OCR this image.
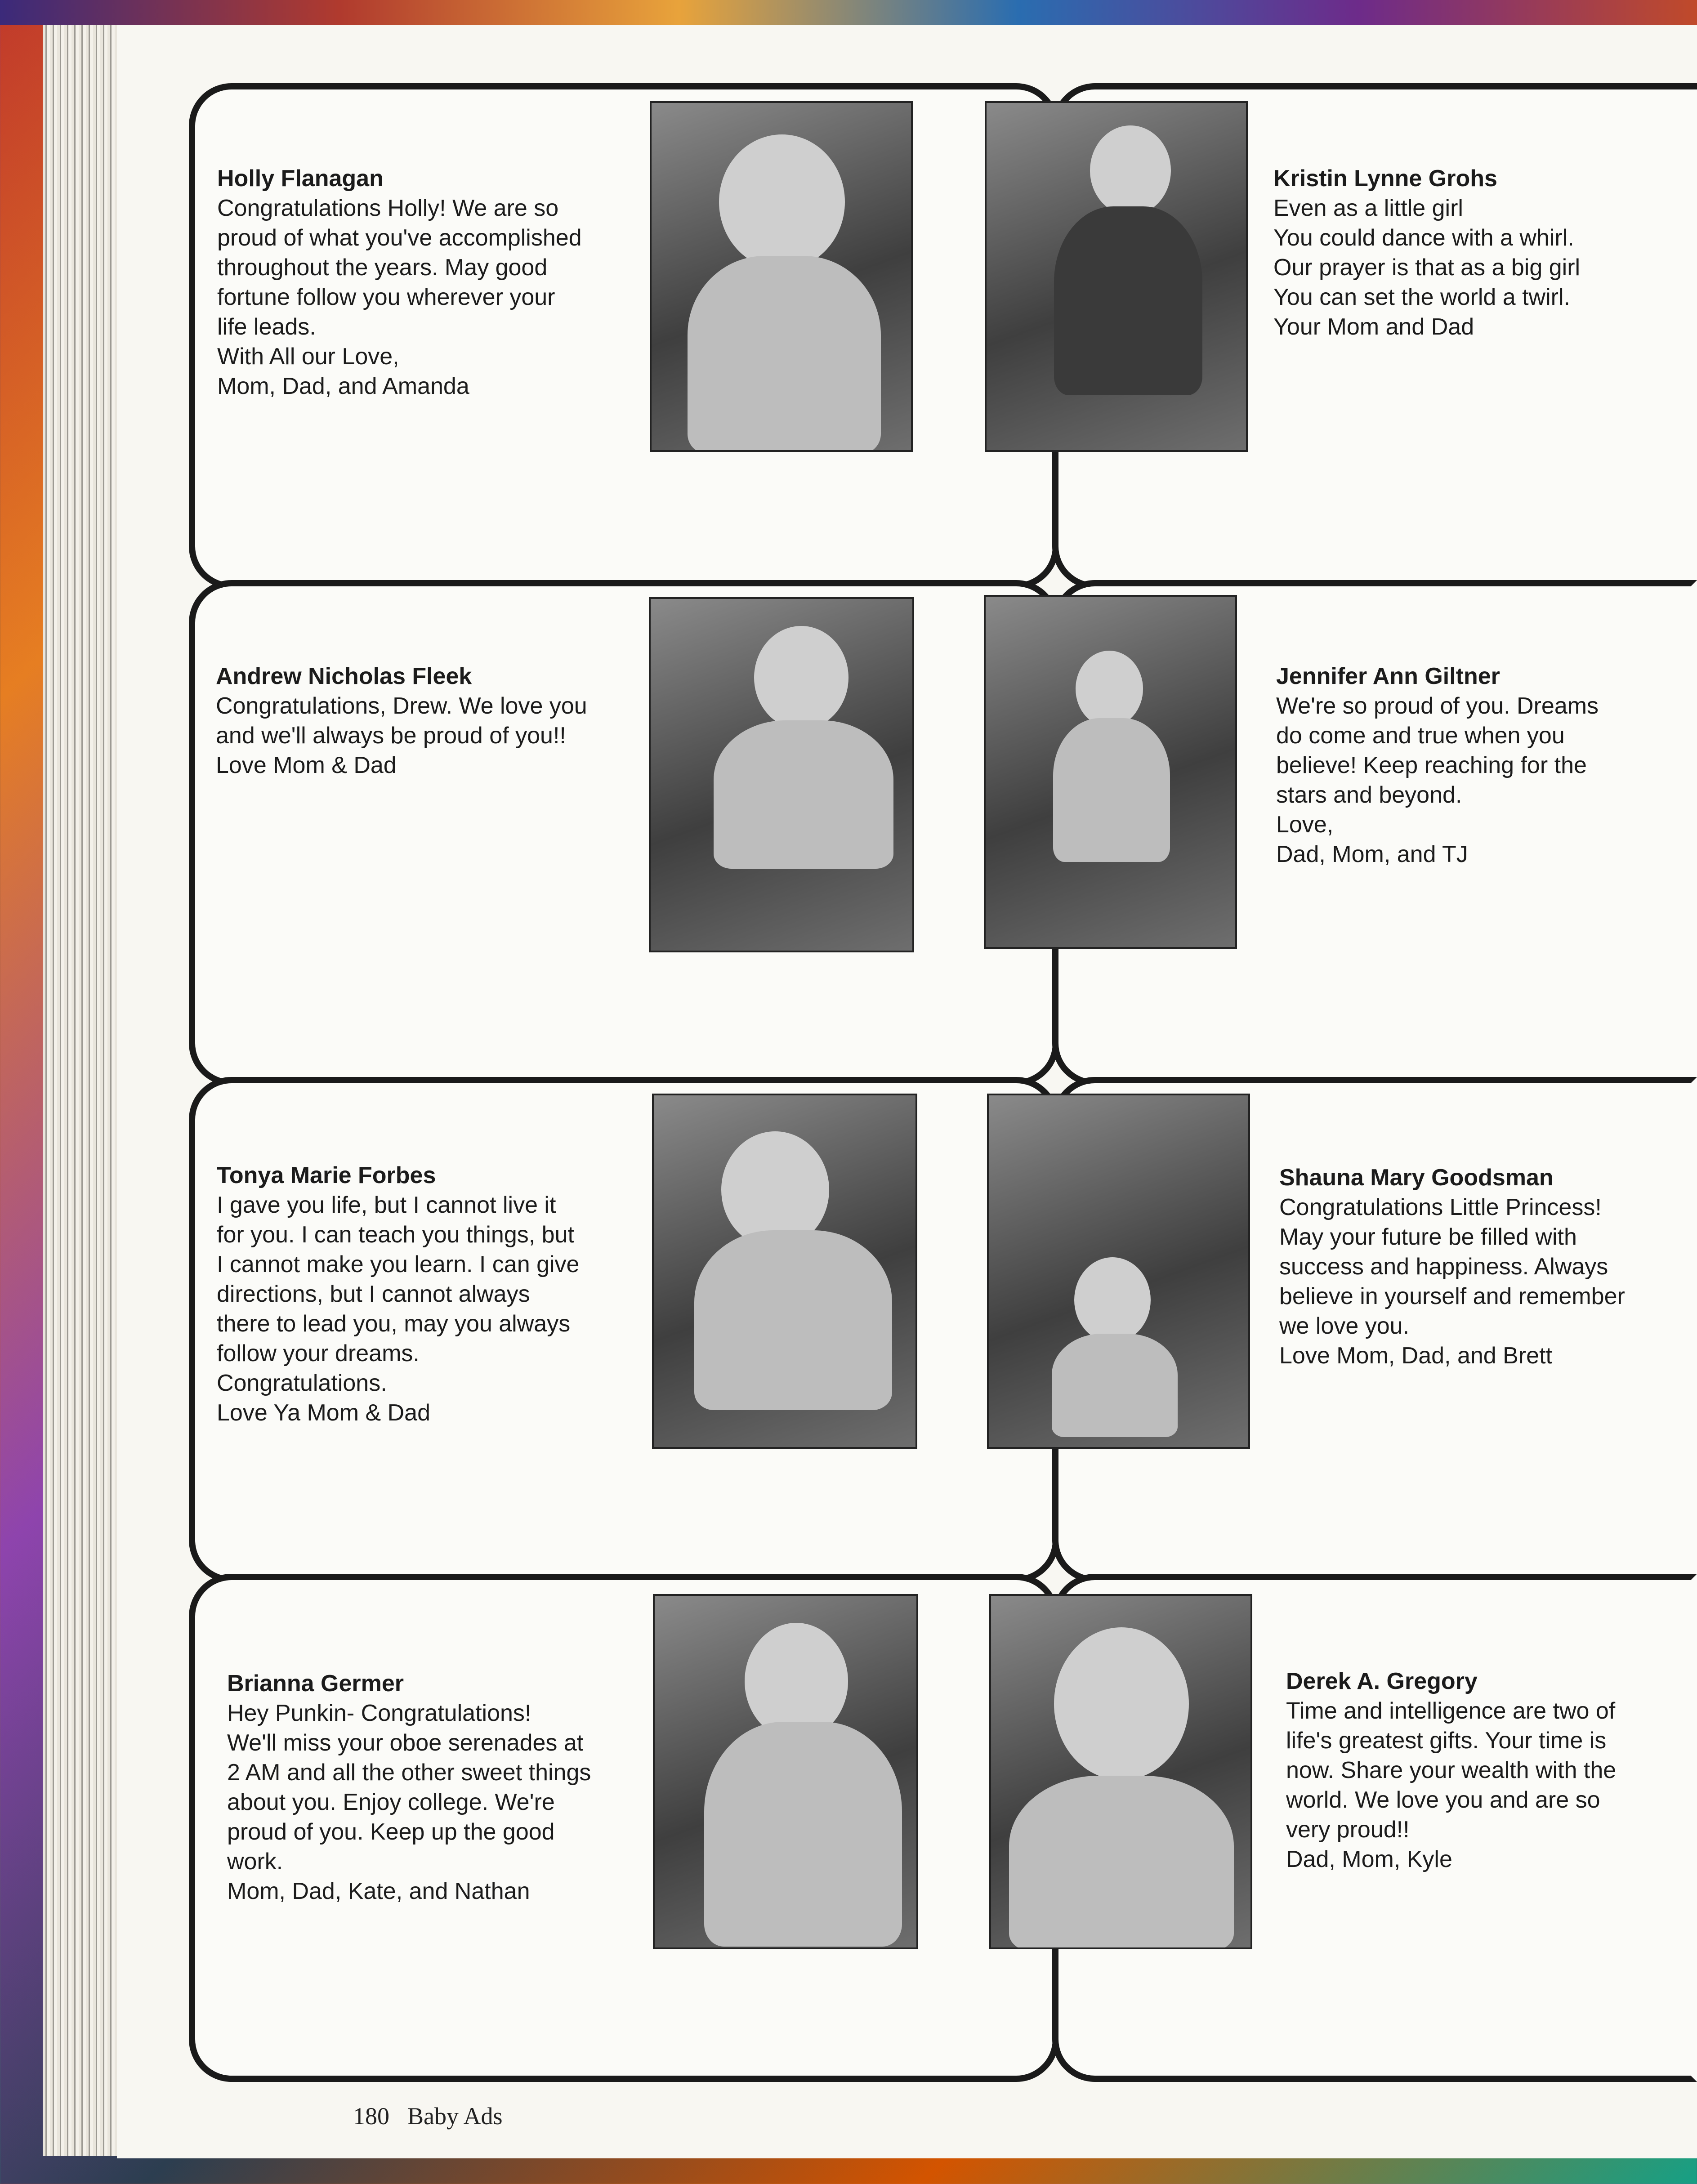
Holly Flanagan
Congratulations Holly! We are so
proud of what you've accomplished
throughout the years. May good
fortune follow you wherever your
life leads.
With All our Love,
Mom, Dad, and Amanda

Kristin Lynne Grohs
Even as a little girl
You could dance with a whirl.
Our prayer is that as a big girl
You can set the world a twirl.
Your Mom and Dad

Andrew Nicholas Fleek
Congratulations, Drew. We love you
and we'll always be proud of you!!
Love Mom & Dad

Jennifer Ann Giltner
We're so proud of you. Dreams
do come and true when you
believe! Keep reaching for the
stars and beyond.
Love,
Dad, Mom, and TJ

Tonya Marie Forbes
I gave you life, but I cannot live it
for you. I can teach you things, but
I cannot make you learn. I can give
directions, but I cannot always
there to lead you, may you always
follow your dreams.
Congratulations.
Love Ya Mom & Dad

Shauna Mary Goodsman
Congratulations Little Princess!
May your future be filled with
success and happiness. Always
believe in yourself and remember
we love you.
Love Mom, Dad, and Brett

Brianna Germer
Hey Punkin- Congratulations!
We'll miss your oboe serenades at
2 AM and all the other sweet things
about you. Enjoy college. We're
proud of you. Keep up the good
work.
Mom, Dad, Kate, and Nathan

Derek A. Gregory
Time and intelligence are two of
life's greatest gifts. Your time is
now. Share your wealth with the
world. We love you and are so
very proud!!
Dad, Mom, Kyle

180 Baby Ads
